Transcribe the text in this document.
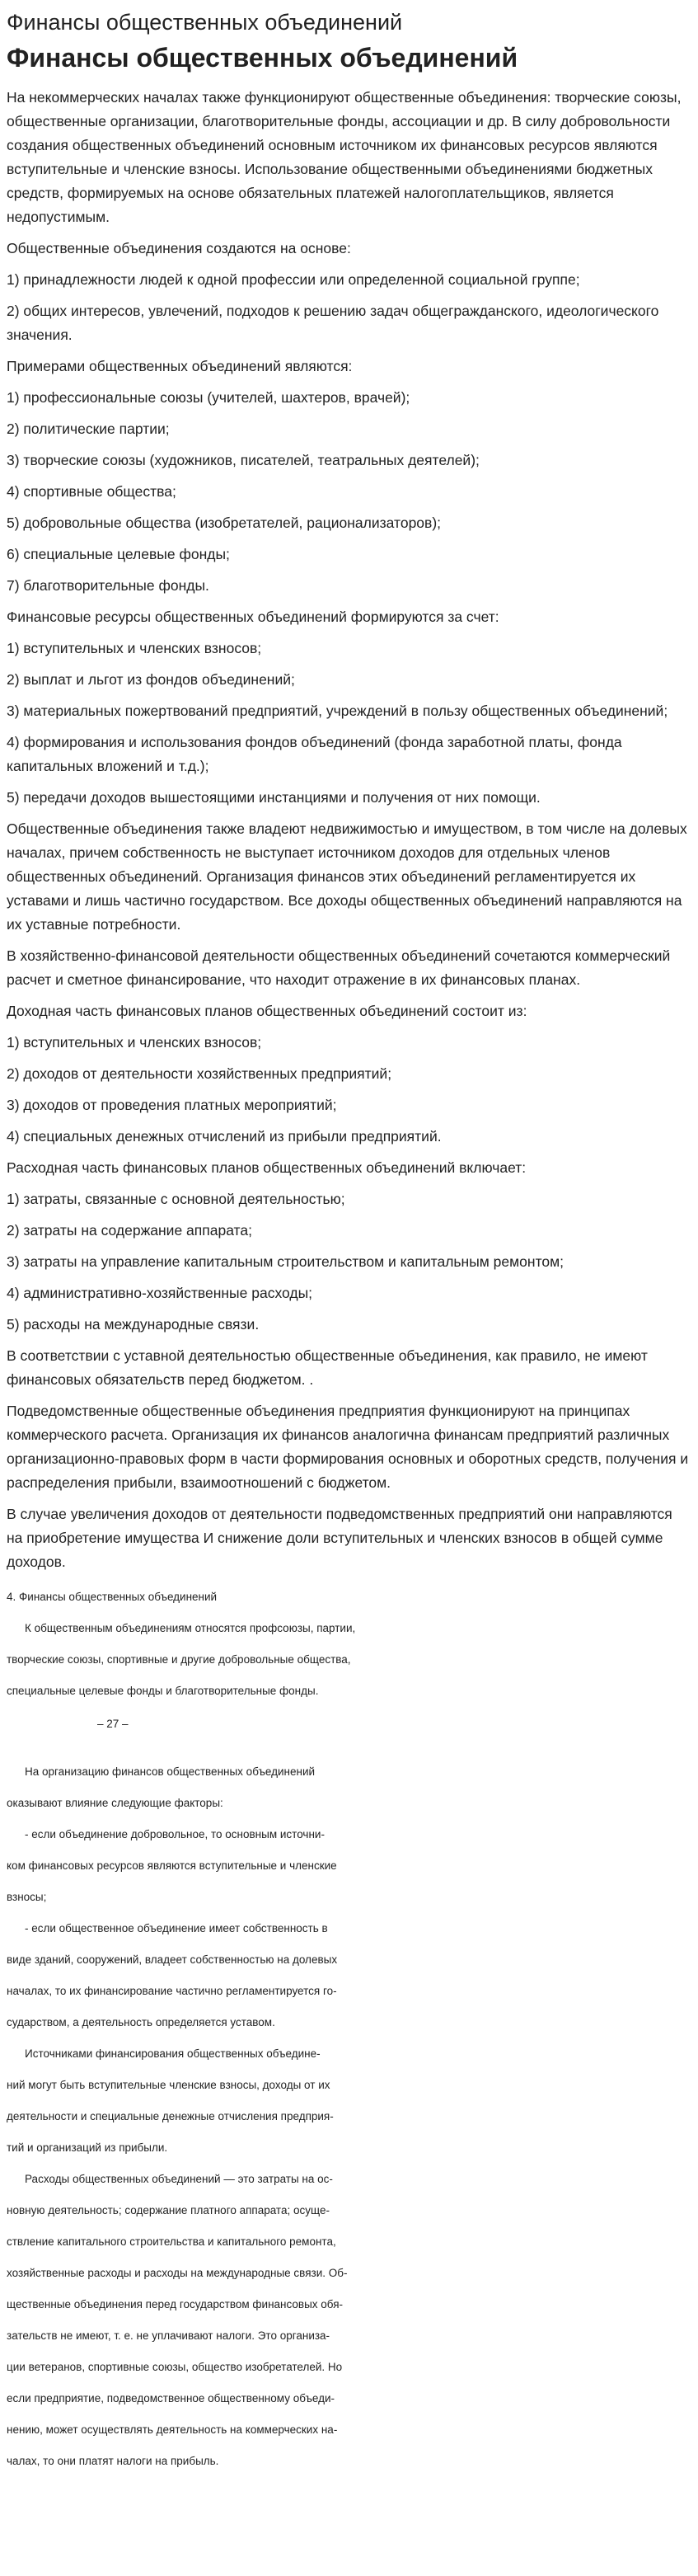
Финансы общественных объединений
Финансы общественных объединений

На некоммерческих началах также функционируют общественные объединения: творческие союзы, общественные организации, благотворительные фонды, ассоциации и др. В силу добровольности создания общественных объединений основным источником их финансовых ресурсов являются вступительные и членские взносы. Использование общественными объединениями бюджетных средств, формируемых на основе обязательных платежей налогоплательщиков, является недопустимым.

Общественные объединения создаются на основе:

1) принадлежности людей к одной профессии или определенной социальной группе;

2) общих интересов, увлечений, подходов к решению задач общегражданского, идеологического значения.

Примерами общественных объединений являются:

1) профессиональные союзы (учителей, шахтеров, врачей);

2) политические партии;

3) творческие союзы (художников, писателей, театральных деятелей);

4) спортивные общества;

5) добровольные общества (изобретателей, рационализаторов);

6) специальные целевые фонды;

7) благотворительные фонды.

Финансовые ресурсы общественных объединений формируются за счет:

1) вступительных и членских взносов;

2) выплат и льгот из фондов объединений;

3) материальных пожертвований предприятий, учреждений в пользу общественных объединений;

4) формирования и использования фондов объединений (фонда заработной платы, фонда капитальных вложений и т.д.);

5) передачи доходов вышестоящими инстанциями и получения от них помощи.

Общественные объединения также владеют недвижимостью и имуществом, в том числе на долевых началах, причем собственность не выступает источником доходов для отдельных членов общественных объединений. Организация финансов этих объединений регламентируется их уставами и лишь частично государством. Все доходы общественных объединений направляются на их уставные потребности.

В хозяйственно-финансовой деятельности общественных объединений сочетаются коммерческий расчет и сметное финансирование, что находит отражение в их финансовых планах.

Доходная часть финансовых планов общественных объединений состоит из:

1) вступительных и членских взносов;

2) доходов от деятельности хозяйственных предприятий;

3) доходов от проведения платных мероприятий;

4) специальных денежных отчислений из прибыли предприятий.

Расходная часть финансовых планов общественных объединений включает:

1) затраты, связанные с основной деятельностью;

2) затраты на содержание аппарата;

3) затраты на управление капитальным строительством и капитальным ремонтом;

4) административно-хозяйственные расходы;

5) расходы на международные связи.

В соответствии с уставной деятельностью общественные объединения, как правило, не имеют финансовых обязательств перед бюджетом. .

Подведомственные общественные объединения предприятия функционируют на принципах коммерческого расчета. Организация их финансов аналогична финансам предприятий различных организационно-правовых форм в части формирования основных и оборотных средств, получения и распределения прибыли, взаимоотношений с бюджетом.

В случае увеличения доходов от деятельности подведомственных предприятий они направляются на приобретение имущества И снижение доли вступительных и членских взносов в общей сумме доходов.

4. Финансы общественных объединений

К общественным объединениям относятся профсоюзы, партии,

творческие союзы, спортивные и другие добровольные общества,

специальные целевые фонды и благотворительные фонды.

– 27 –

На организацию финансов общественных объединений

оказывают влияние следующие факторы:

- если объединение добровольное, то основным источни-

ком финансовых ресурсов являются вступительные и членские

взносы;

- если общественное объединение имеет собственность в

виде зданий, сооружений, владеет собственностью на долевых

началах, то их финансирование частично регламентируется го-

сударством, а деятельность определяется уставом.

Источниками финансирования общественных объедине-

ний могут быть вступительные членские взносы, доходы от их

деятельности и специальные денежные отчисления предприя-

тий и организаций из прибыли.

Расходы общественных объединений — это затраты на ос-

новную деятельность; содержание платного аппарата; осуще-

ствление капитального строительства и капитального ремонта,

хозяйственные расходы и расходы на международные связи. Об-

щественные объединения перед государством финансовых обя-

зательств не имеют, т. е. не уплачивают налоги. Это организа-

ции ветеранов, спортивные союзы, общество изобретателей. Но

если предприятие, подведомственное общественному объеди-

нению, может осуществлять деятельность на коммерческих на-

чалах, то они платят налоги на прибыль.
